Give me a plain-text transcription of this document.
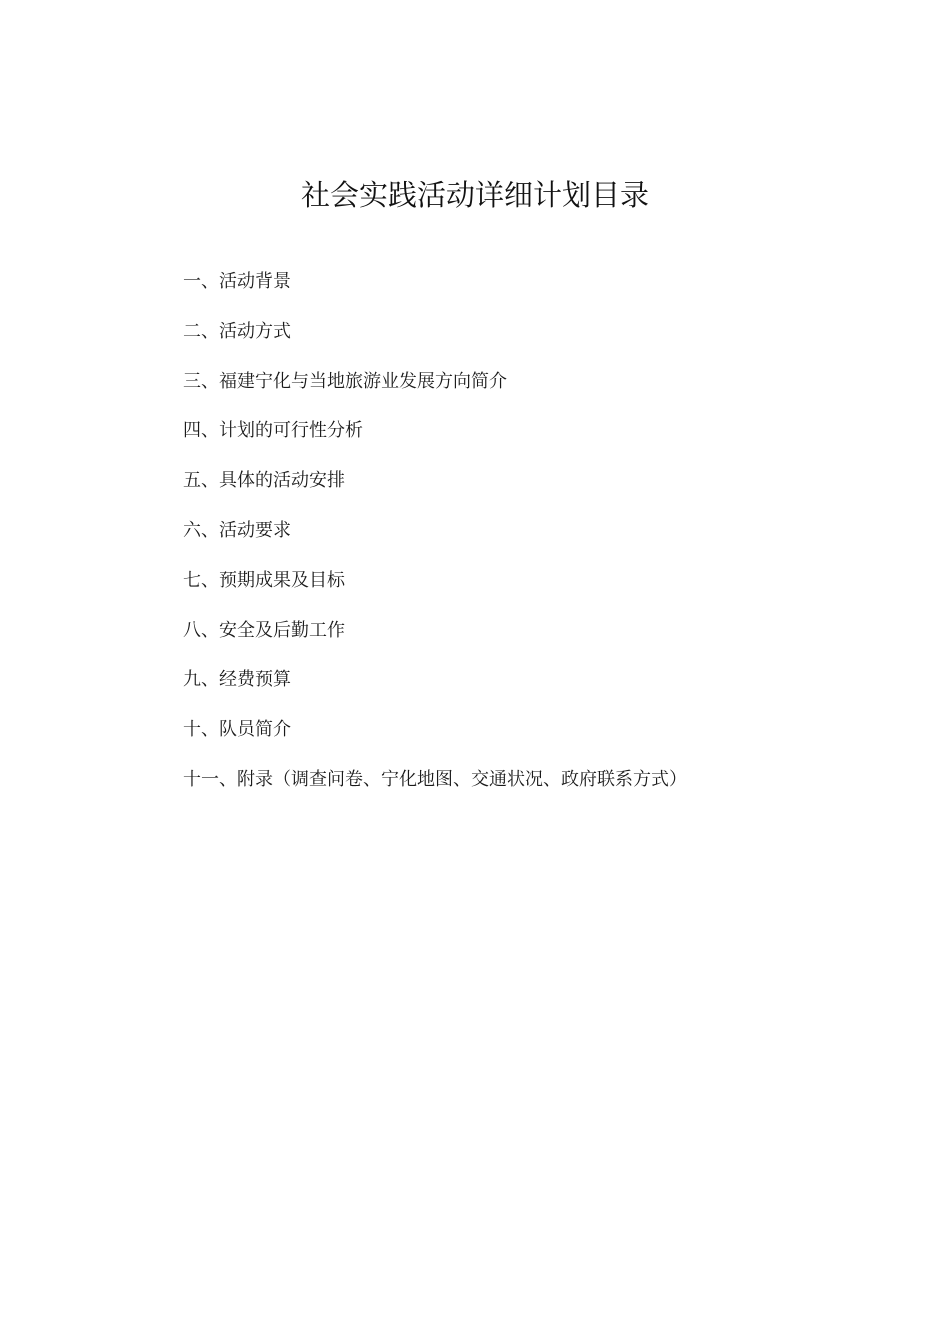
社会实践活动详细计划目录
一、活动背景
二、活动方式
三、福建宁化与当地旅游业发展方向简介
四、计划的可行性分析
五、具体的活动安排
六、活动要求
七、预期成果及目标
八、安全及后勤工作
九、经费预算
十、队员简介
十一、附录（调查问卷、宁化地图、交通状况、政府联系方式）
